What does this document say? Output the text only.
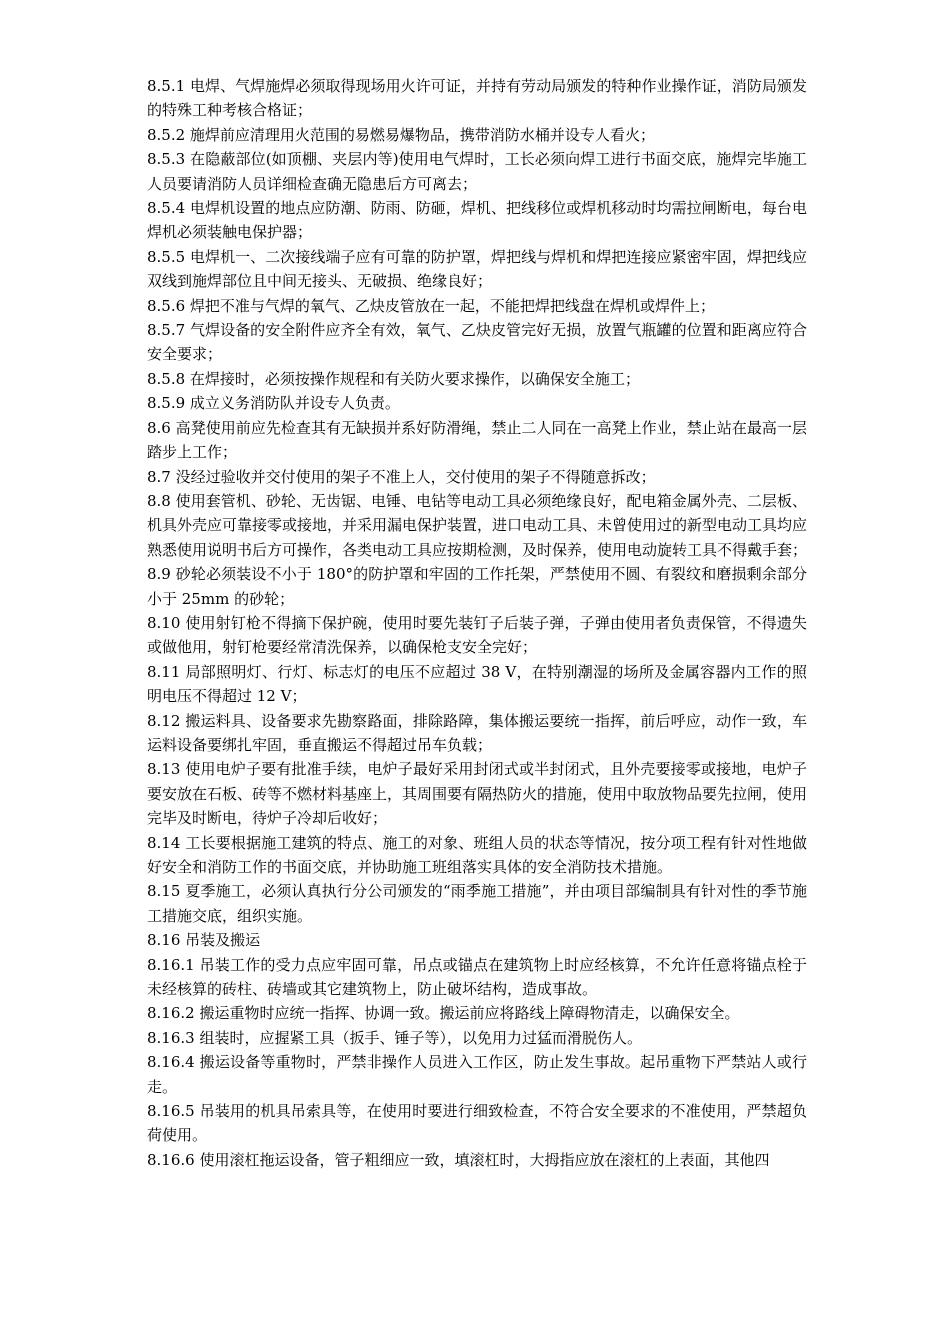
8.5.1 电焊、气焊施焊必须取得现场用火许可证，并持有劳动局颁发的特种作业操作证，消防局颁发的特殊工种考核合格证；

8.5.2 施焊前应清理用火范围的易燃易爆物品，携带消防水桶并设专人看火；

8.5.3 在隐蔽部位(如顶棚、夹层内等)使用电气焊时，工长必须向焊工进行书面交底，施焊完毕施工人员要请消防人员详细检查确无隐患后方可离去；

8.5.4 电焊机设置的地点应防潮、防雨、防砸，焊机、把线移位或焊机移动时均需拉闸断电，每台电焊机必须装触电保护器；

8.5.5 电焊机一、二次接线端子应有可靠的防护罩，焊把线与焊机和焊把连接应紧密牢固，焊把线应双线到施焊部位且中间无接头、无破损、绝缘良好；

8.5.6 焊把不准与气焊的氧气、乙炔皮管放在一起，不能把焊把线盘在焊机或焊件上；

8.5.7 气焊设备的安全附件应齐全有效，氧气、乙炔皮管完好无损，放置气瓶罐的位置和距离应符合安全要求；

8.5.8 在焊接时，必须按操作规程和有关防火要求操作，以确保安全施工；

8.5.9 成立义务消防队并设专人负责。

8.6 高凳使用前应先检查其有无缺损并系好防滑绳，禁止二人同在一高凳上作业，禁止站在最高一层踏步上工作；

8.7 没经过验收并交付使用的架子不准上人，交付使用的架子不得随意拆改；

8.8 使用套管机、砂轮、无齿锯、电锤、电钻等电动工具必须绝缘良好，配电箱金属外壳、二层板、机具外壳应可靠接零或接地，并采用漏电保护装置，进口电动工具、未曾使用过的新型电动工具均应熟悉使用说明书后方可操作，各类电动工具应按期检测，及时保养，使用电动旋转工具不得戴手套；

8.9 砂轮必须装设不小于 180°的防护罩和牢固的工作托架，严禁使用不圆、有裂纹和磨损剩余部分小于 25mm 的砂轮；

8.10 使用射钉枪不得摘下保护碗，使用时要先装钉子后装子弹，子弹由使用者负责保管，不得遗失或做他用，射钉枪要经常清洗保养，以确保枪支安全完好；

8.11 局部照明灯、行灯、标志灯的电压不应超过 38 V，在特别潮湿的场所及金属容器内工作的照明电压不得超过 12 V；

8.12 搬运料具、设备要求先勘察路面，排除路障，集体搬运要统一指挥，前后呼应，动作一致，车运料设备要绑扎牢固，垂直搬运不得超过吊车负载；

8.13 使用电炉子要有批准手续，电炉子最好采用封闭式或半封闭式，且外壳要接零或接地，电炉子要安放在石板、砖等不燃材料基座上，其周围要有隔热防火的措施，使用中取放物品要先拉闸，使用完毕及时断电，待炉子冷却后收好；

8.14 工长要根据施工建筑的特点、施工的对象、班组人员的状态等情况，按分项工程有针对性地做好安全和消防工作的书面交底，并协助施工班组落实具体的安全消防技术措施。

8.15 夏季施工，必须认真执行分公司颁发的“雨季施工措施”，并由项目部编制具有针对性的季节施工措施交底，组织实施。

8.16 吊装及搬运

8.16.1 吊装工作的受力点应牢固可靠，吊点或锚点在建筑物上时应经核算，不允许任意将锚点栓于未经核算的砖柱、砖墙或其它建筑物上，防止破坏结构，造成事故。

8.16.2 搬运重物时应统一指挥、协调一致。搬运前应将路线上障碍物清走，以确保安全。

8.16.3 组装时，应握紧工具（扳手、锤子等），以免用力过猛而滑脱伤人。

8.16.4 搬运设备等重物时，严禁非操作人员进入工作区，防止发生事故。起吊重物下严禁站人或行走。

8.16.5 吊装用的机具吊索具等，在使用时要进行细致检查，不符合安全要求的不准使用，严禁超负荷使用。

8.16.6 使用滚杠拖运设备，管子粗细应一致，填滚杠时，大拇指应放在滚杠的上表面，其他四
